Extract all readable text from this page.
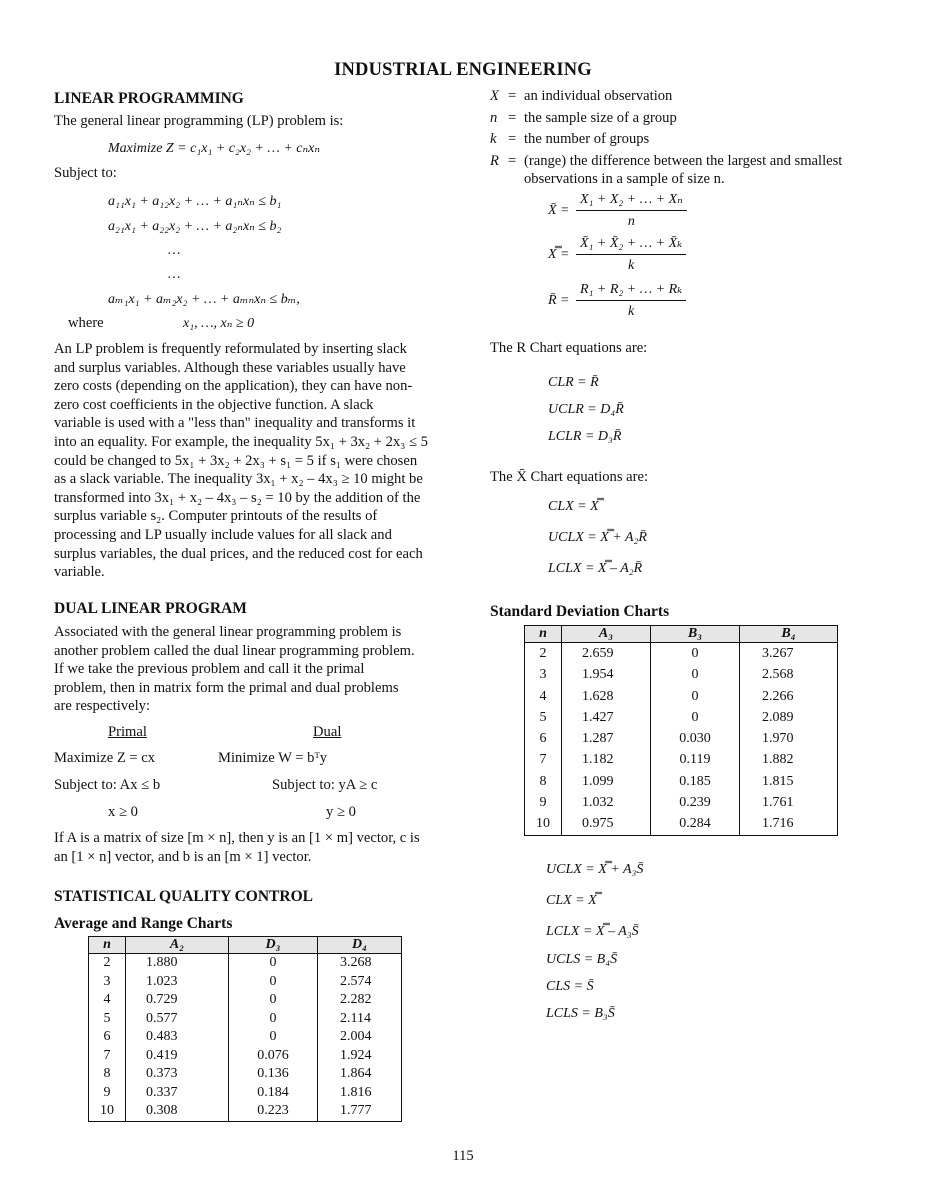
INDUSTRIAL ENGINEERING
LINEAR PROGRAMMING
The general linear programming (LP) problem is:
Maximize Z = c₁x₁ + c₂x₂ + … + cₙxₙ
Subject to:
a₁₁x₁ + a₁₂x₂ + … + a₁ₙxₙ ≤ b₁
a₂₁x₁ + a₂₂x₂ + … + a₂ₙxₙ ≤ b₂
…
…
aₘ₁x₁ + aₘ₂x₂ + … + aₘₙxₙ ≤ bₘ,
where	x₁, …, xₙ ≥ 0
An LP problem is frequently reformulated by inserting slack
and surplus variables. Although these variables usually have
zero costs (depending on the application), they can have non-
zero cost coefficients in the objective function. A slack
variable is used with a "less than" inequality and transforms it
into an equality. For example, the inequality 5x₁ + 3x₂ + 2x₃ ≤ 5
could be changed to 5x₁ + 3x₂ + 2x₃ + s₁ = 5 if s₁ were chosen
as a slack variable. The inequality 3x₁ + x₂ – 4x₃ ≥ 10 might be
transformed into 3x₁ + x₂ – 4x₃ – s₂ = 10 by the addition of the
surplus variable s₂. Computer printouts of the results of
processing and LP usually include values for all slack and
surplus variables, the dual prices, and the reduced cost for each
variable.
DUAL LINEAR PROGRAM
Associated with the general linear programming problem is
another problem called the dual linear programming problem.
If we take the previous problem and call it the primal
problem, then in matrix form the primal and dual problems
are respectively:
Primal	Dual
Maximize Z = cx	Minimize W = bᵀy
Subject to: Ax ≤ b	Subject to: yA ≥ c
x ≥ 0	y ≥ 0
If A is a matrix of size [m × n], then y is an [1 × m] vector, c is
an [1 × n] vector, and b is an [m × 1] vector.
STATISTICAL QUALITY CONTROL
Average and Range Charts
n	A₂	D₃	D₄
2	1.880	0	3.268
3	1.023	0	2.574
4	0.729	0	2.282
5	0.577	0	2.114
6	0.483	0	2.004
7	0.419	0.076	1.924
8	0.373	0.136	1.864
9	0.337	0.184	1.816
10	0.308	0.223	1.777
X = an individual observation
n = the sample size of a group
k = the number of groups
R = (range) the difference between the largest and smallest
observations in a sample of size n.
X̄ = $\frac{\text{X₁ + X₂ + … + Xₙ}}{n}$
X̿ = $\frac{\text{X̄₁ + X̄₂ + … + X̄ₖ}}{k}$
R̄ = $\frac{\text{R₁ + R₂ + … + Rₖ}}{k}$
The R Chart equations are:
CLR = R̄
UCLR = D₄R̄
LCLR = D₃R̄
The X̄ Chart equations are:
CLX = X̿
UCLX = X̿ + A₂R̄
LCLX = X̿ – A₂R̄
Standard Deviation Charts
n	A₃	B₃	B₄
2	2.659	0	3.267
3	1.954	0	2.568
4	1.628	0	2.266
5	1.427	0	2.089
6	1.287	0.030	1.970
7	1.182	0.119	1.882
8	1.099	0.185	1.815
9	1.032	0.239	1.761
10	0.975	0.284	1.716
UCLX = X̿ + A₃S̄
CLX = X̿
LCLX = X̿ – A₃S̄
UCLS = B₄S̄
CLS = S̄
LCLS = B₃S̄
115
